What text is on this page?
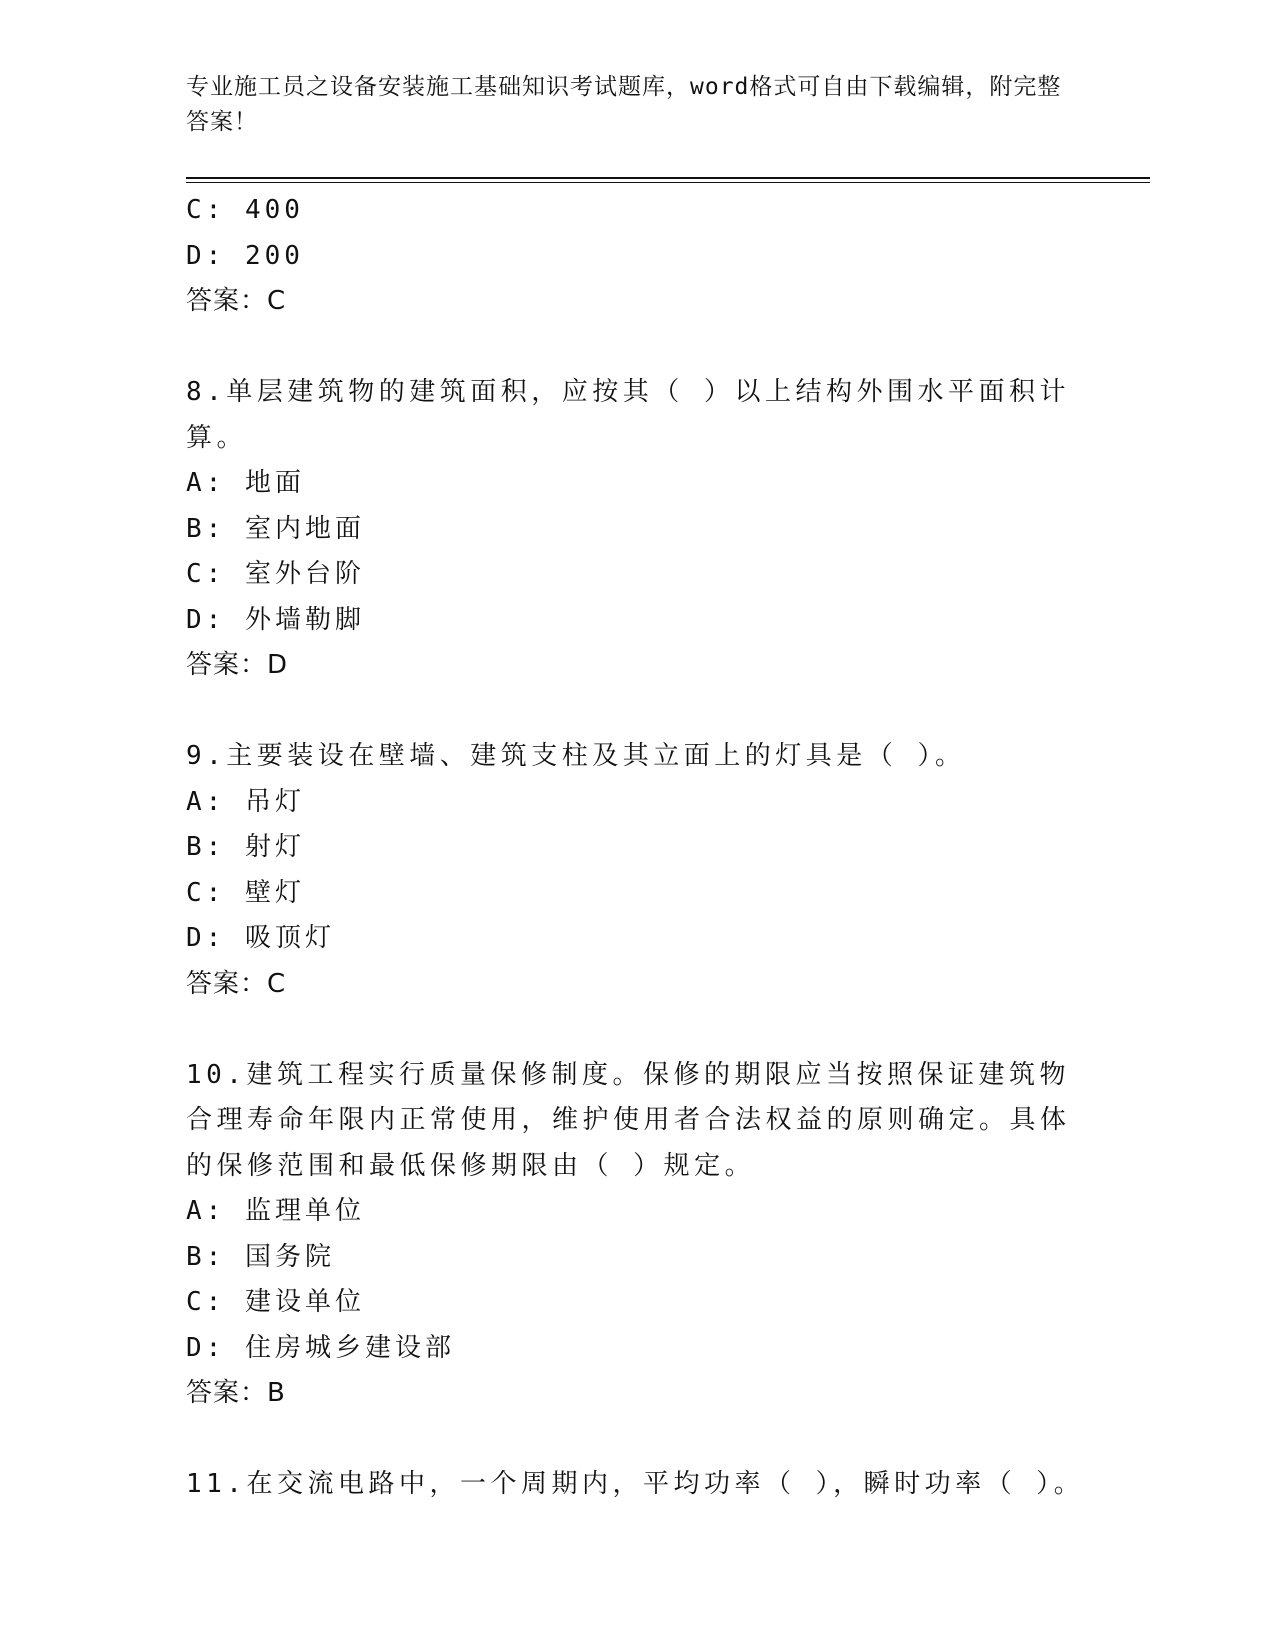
专业施工员之设备安装施工基础知识考试题库，word格式可自由下载编辑，附完整答案！
C: 400
D: 200
答案：C
8.单层建筑物的建筑面积，应按其（ ）以上结构外围水平面积计算。
A: 地面
B: 室内地面
C: 室外台阶
D: 外墙勒脚
答案：D
9.主要装设在壁墙、建筑支柱及其立面上的灯具是（ ）。
A: 吊灯
B: 射灯
C: 壁灯
D: 吸顶灯
答案：C
10.建筑工程实行质量保修制度。保修的期限应当按照保证建筑物合理寿命年限内正常使用，维护使用者合法权益的原则确定。具体的保修范围和最低保修期限由（ ）规定。
A: 监理单位
B: 国务院
C: 建设单位
D: 住房城乡建设部
答案：B
11.在交流电路中，一个周期内，平均功率（ ），瞬时功率（ ）。
